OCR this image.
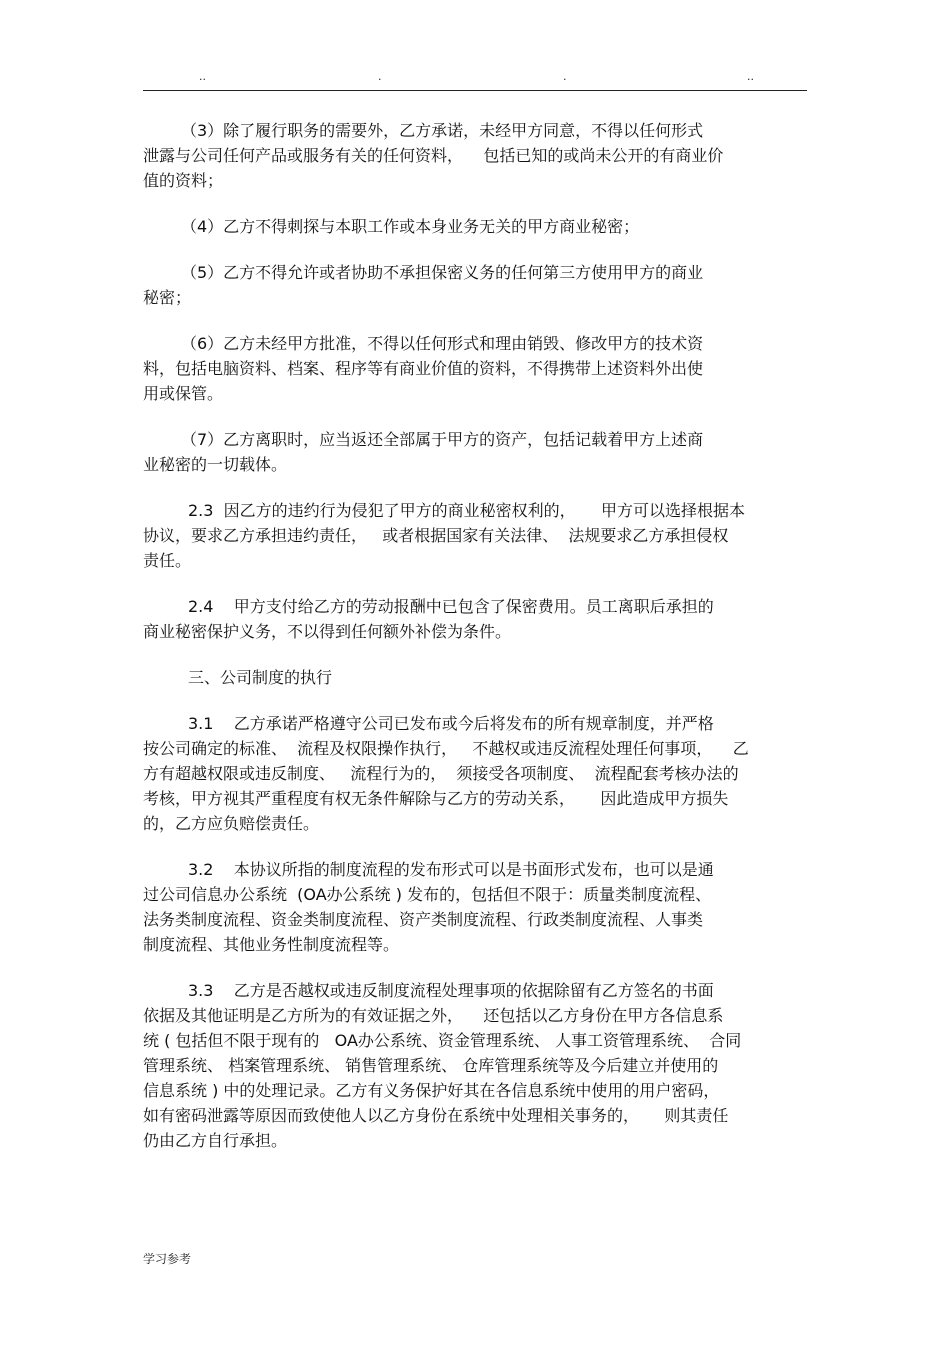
..	.	.	..
（3）除了履行职务的需要外，乙方承诺，未经甲方同意，不得以任何形式
泄露与公司任何产品或服务有关的任何资料，    包括已知的或尚未公开的有商业价
值的资料；
（4）乙方不得刺探与本职工作或本身业务无关的甲方商业秘密；
（5）乙方不得允许或者协助不承担保密义务的任何第三方使用甲方的商业
秘密；
（6）乙方未经甲方批准，不得以任何形式和理由销毁、修改甲方的技术资
料，包括电脑资料、档案、程序等有商业价值的资料，不得携带上述资料外出使
用或保管。
（7）乙方离职时，应当返还全部属于甲方的资产，包括记载着甲方上述商
业秘密的一切载体。
2.3  因乙方的违约行为侵犯了甲方的商业秘密权利的，     甲方可以选择根据本
协议，要求乙方承担违约责任，   或者根据国家有关法律、  法规要求乙方承担侵权
责任。
2.4    甲方支付给乙方的劳动报酬中已包含了保密费用。员工离职后承担的
商业秘密保护义务，不以得到任何额外补偿为条件。
三、公司制度的执行
3.1    乙方承诺严格遵守公司已发布或今后将发布的所有规章制度，并严格
按公司确定的标准、  流程及权限操作执行，   不越权或违反流程处理任何事项，    乙
方有超越权限或违反制度、   流程行为的，  须接受各项制度、  流程配套考核办法的
考核，甲方视其严重程度有权无条件解除与乙方的劳动关系，     因此造成甲方损失
的，乙方应负赔偿责任。
3.2    本协议所指的制度流程的发布形式可以是书面形式发布，也可以是通
过公司信息办公系统  (OA办公系统 ) 发布的，包括但不限于：质量类制度流程、
法务类制度流程、资金类制度流程、资产类制度流程、行政类制度流程、人事类
制度流程、其他业务性制度流程等。
3.3    乙方是否越权或违反制度流程处理事项的依据除留有乙方签名的书面
依据及其他证明是乙方所为的有效证据之外，    还包括以乙方身份在甲方各信息系
统 ( 包括但不限于现有的   OA办公系统、资金管理系统、 人事工资管理系统、  合同
管理系统、 档案管理系统、 销售管理系统、 仓库管理系统等及今后建立并使用的
信息系统 ) 中的处理记录。乙方有义务保护好其在各信息系统中使用的用户密码，
如有密码泄露等原因而致使他人以乙方身份在系统中处理相关事务的，     则其责任
仍由乙方自行承担。
学习参考
